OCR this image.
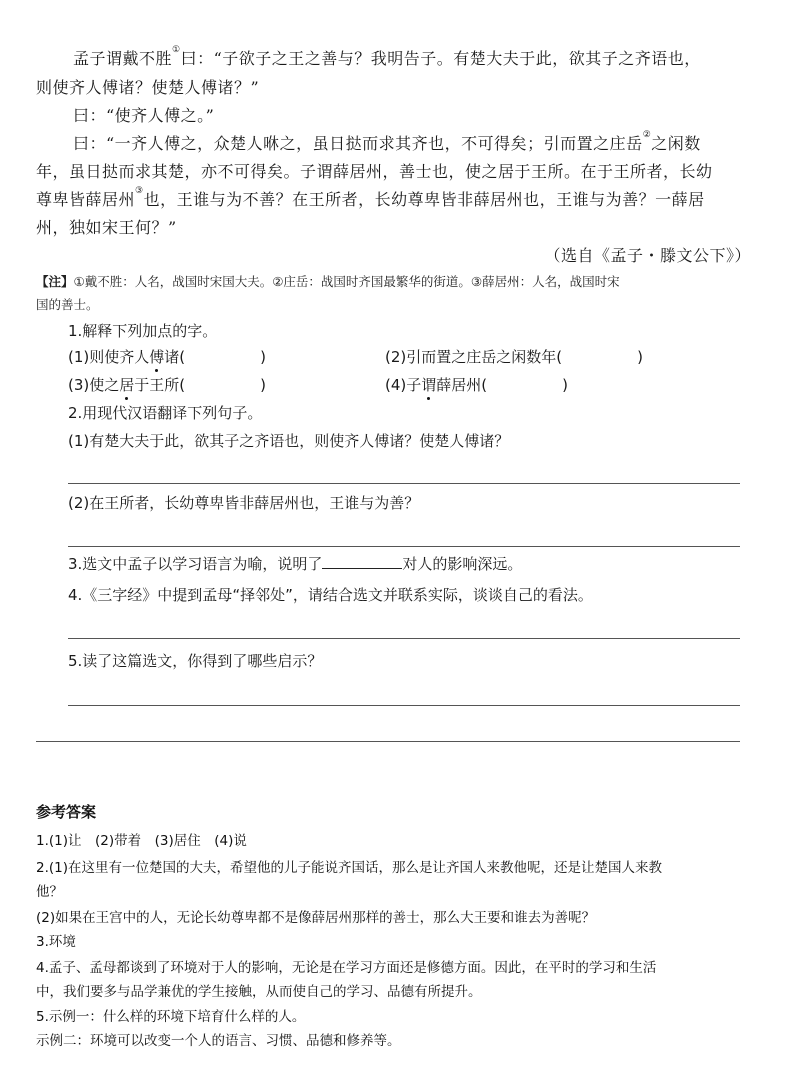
孟子谓戴不胜①曰：“子欲子之王之善与？我明告子。有楚大夫于此，欲其子之齐语也，
则使齐人傅诸？使楚人傅诸？”
曰：“使齐人傅之。”
曰：“一齐人傅之，众楚人咻之，虽日挞而求其齐也，不可得矣；引而置之庄岳②之闲数
年，虽日挞而求其楚，亦不可得矣。子谓薛居州，善士也，使之居于王所。在于王所者，长幼
尊卑皆薛居州③也，王谁与为不善？在王所者，长幼尊卑皆非薛居州也，王谁与为善？一薛居
州，独如宋王何？”
（选自《孟子・滕文公下》）
【注】①戴不胜：人名，战国时宋国大夫。②庄岳：战国时齐国最繁华的街道。③薛居州：人名，战国时宋
国的善士。
1.解释下列加点的字。
(1)则使齐人傅诸(　　　　　)	(2)引而置之庄岳之闲数年(　　　　　)
(3)使之居于王所(　　　　　)	(4)子谓薛居州(　　　　　)
2.用现代汉语翻译下列句子。
(1)有楚大夫于此，欲其子之齐语也，则使齐人傅诸？使楚人傅诸？
(2)在王所者，长幼尊卑皆非薛居州也，王谁与为善？
3.选文中孟子以学习语言为喻，说明了	对人的影响深远。
4.《三字经》中提到孟母“择邻处”，请结合选文并联系实际，谈谈自己的看法。
5.读了这篇选文，你得到了哪些启示？
参考答案
1.(1)让　(2)带着　(3)居住　(4)说
2.(1)在这里有一位楚国的大夫，希望他的儿子能说齐国话，那么是让齐国人来教他呢，还是让楚国人来教
他？
(2)如果在王宫中的人，无论长幼尊卑都不是像薛居州那样的善士，那么大王要和谁去为善呢？
3.环境
4.孟子、孟母都谈到了环境对于人的影响，无论是在学习方面还是修德方面。因此，在平时的学习和生活
中，我们要多与品学兼优的学生接触，从而使自己的学习、品德有所提升。
5.示例一：什么样的环境下培育什么样的人。
示例二：环境可以改变一个人的语言、习惯、品德和修养等。
